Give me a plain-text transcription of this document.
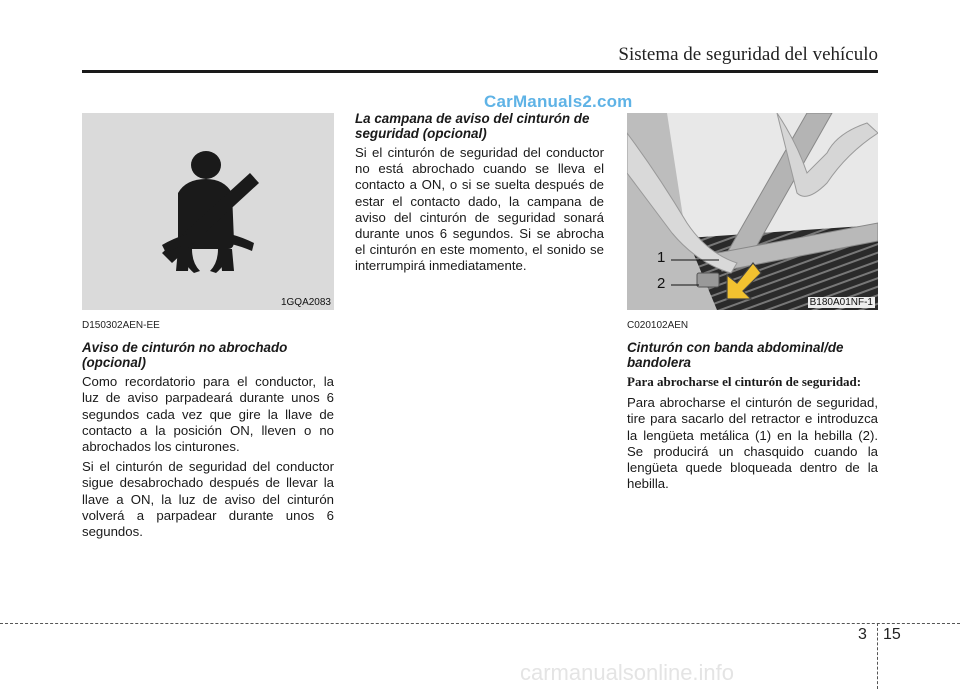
Sistema de seguridad del vehículo
CarManuals2.com
1GQA2083
1
2
B180A01NF-1
D150302AEN-EE
Aviso de cinturón no abrochado (opcional)

Como recordatorio para el conductor, la luz de aviso parpadeará durante unos 6 segundos cada vez que gire la llave de contacto a la posición ON, lleven o no abrochados los cinturones.

Si el cinturón de seguridad del conductor sigue desabrochado después de llevar la llave a ON, la luz de aviso del cinturón volverá a parpadear durante unos 6 segundos.

La campana de aviso del cinturón de seguridad (opcional)

Si el cinturón de seguridad del conductor no está abrochado cuando se lleva el contacto a ON, o si se suelta después de estar el contacto dado, la campana de aviso del cinturón de seguridad sonará durante unos 6 segundos. Si se abrocha el cinturón en este momento, el sonido se interrumpirá inmediatamente.

C020102AEN
Cinturón con banda abdominal/de bandolera
Para abrocharse el cinturón de seguridad:

Para abrocharse el cinturón de seguridad, tire para sacarlo del retractor e introduzca la lengüeta metálica (1) en la hebilla (2). Se producirá un chasquido cuando la lengüeta quede bloqueada dentro de la hebilla.

3 15
carmanualsonline.info
